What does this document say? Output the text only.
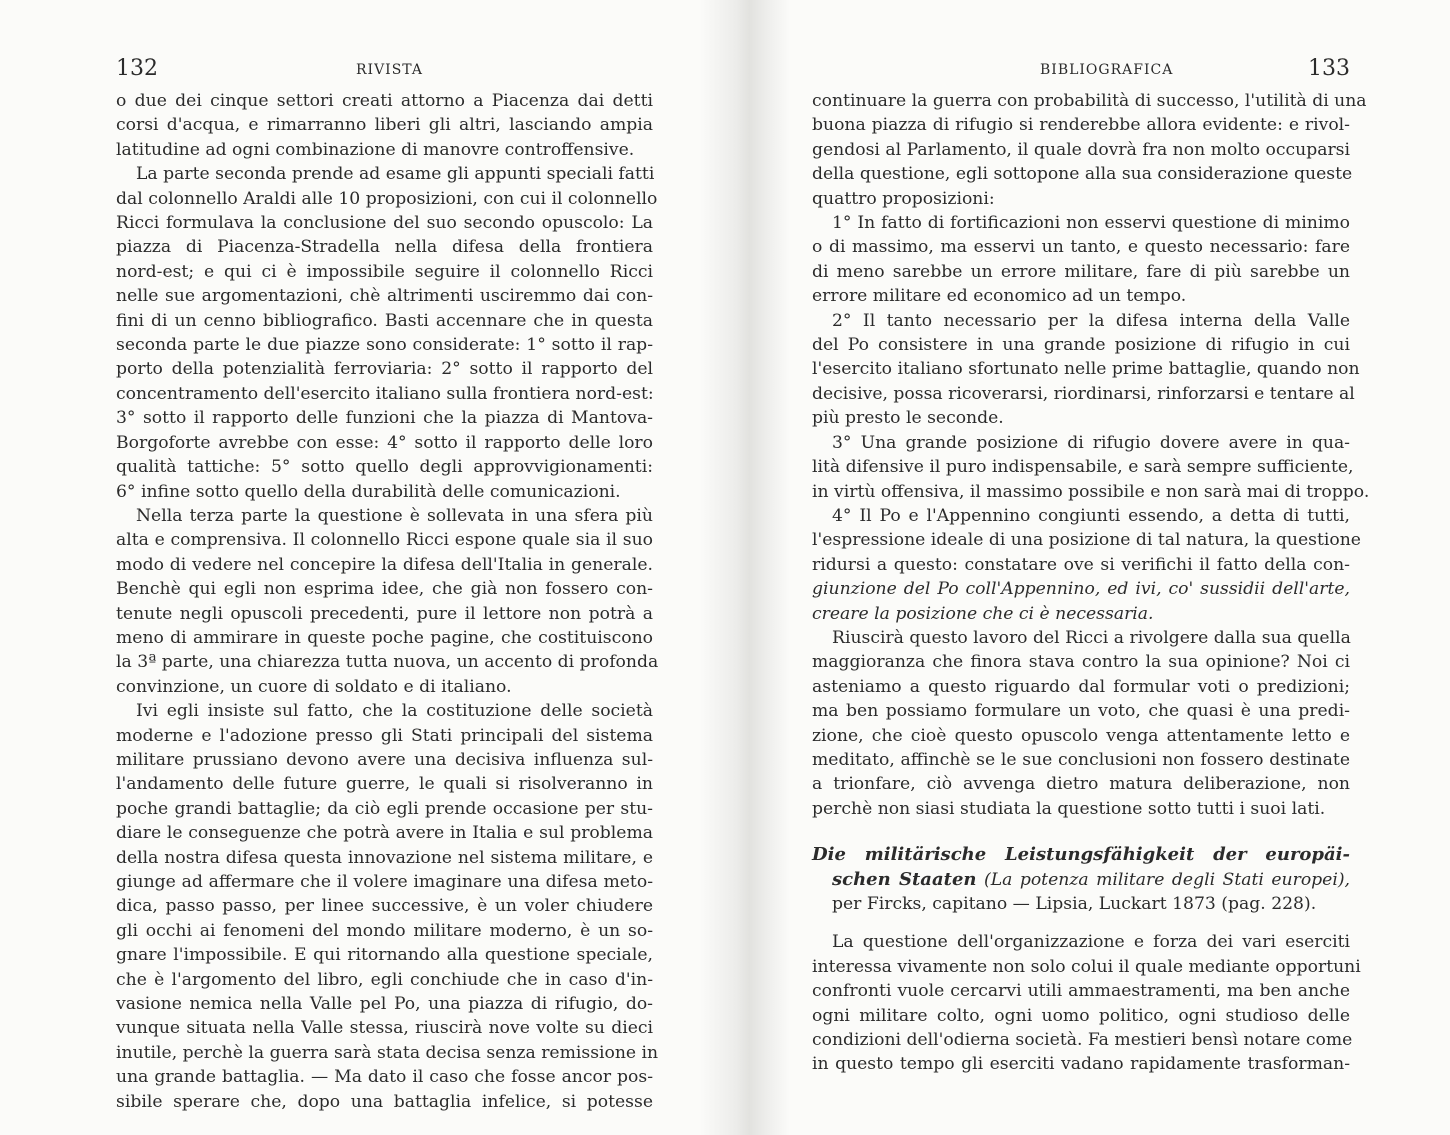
132	RIVISTA
o due dei cinque settori creati attorno a Piacenza dai detti
corsi d'acqua, e rimarranno liberi gli altri, lasciando ampia
latitudine ad ogni combinazione di manovre controffensive.
La parte seconda prende ad esame gli appunti speciali fatti
dal colonnello Araldi alle 10 proposizioni, con cui il colonnello
Ricci formulava la conclusione del suo secondo opuscolo: La
piazza di Piacenza-Stradella nella difesa della frontiera
nord-est; e qui ci è impossibile seguire il colonnello Ricci
nelle sue argomentazioni, chè altrimenti usciremmo dai con-
fini di un cenno bibliografico. Basti accennare che in questa
seconda parte le due piazze sono considerate: 1° sotto il rap-
porto della potenzialità ferroviaria: 2° sotto il rapporto del
concentramento dell'esercito italiano sulla frontiera nord-est:
3° sotto il rapporto delle funzioni che la piazza di Mantova-
Borgoforte avrebbe con esse: 4° sotto il rapporto delle loro
qualità tattiche: 5° sotto quello degli approvvigionamenti:
6° infine sotto quello della durabilità delle comunicazioni.
Nella terza parte la questione è sollevata in una sfera più
alta e comprensiva. Il colonnello Ricci espone quale sia il suo
modo di vedere nel concepire la difesa dell'Italia in generale.
Benchè qui egli non esprima idee, che già non fossero con-
tenute negli opuscoli precedenti, pure il lettore non potrà a
meno di ammirare in queste poche pagine, che costituiscono
la 3ª parte, una chiarezza tutta nuova, un accento di profonda
convinzione, un cuore di soldato e di italiano.
Ivi egli insiste sul fatto, che la costituzione delle società
moderne e l'adozione presso gli Stati principali del sistema
militare prussiano devono avere una decisiva influenza sul-
l'andamento delle future guerre, le quali si risolveranno in
poche grandi battaglie; da ciò egli prende occasione per stu-
diare le conseguenze che potrà avere in Italia e sul problema
della nostra difesa questa innovazione nel sistema militare, e
giunge ad affermare che il volere imaginare una difesa meto-
dica, passo passo, per linee successive, è un voler chiudere
gli occhi ai fenomeni del mondo militare moderno, è un so-
gnare l'impossibile. E qui ritornando alla questione speciale,
che è l'argomento del libro, egli conchiude che in caso d'in-
vasione nemica nella Valle pel Po, una piazza di rifugio, do-
vunque situata nella Valle stessa, riuscirà nove volte su dieci
inutile, perchè la guerra sarà stata decisa senza remissione in
una grande battaglia. — Ma dato il caso che fosse ancor pos-
sibile sperare che, dopo una battaglia infelice, si potesse
BIBLIOGRAFICA	133
continuare la guerra con probabilità di successo, l'utilità di una
buona piazza di rifugio si renderebbe allora evidente: e rivol-
gendosi al Parlamento, il quale dovrà fra non molto occuparsi
della questione, egli sottopone alla sua considerazione queste
quattro proposizioni:
1° In fatto di fortificazioni non esservi questione di minimo
o di massimo, ma esservi un tanto, e questo necessario: fare
di meno sarebbe un errore militare, fare di più sarebbe un
errore militare ed economico ad un tempo.
2° Il tanto necessario per la difesa interna della Valle
del Po consistere in una grande posizione di rifugio in cui
l'esercito italiano sfortunato nelle prime battaglie, quando non
decisive, possa ricoverarsi, riordinarsi, rinforzarsi e tentare al
più presto le seconde.
3° Una grande posizione di rifugio dovere avere in qua-
lità difensive il puro indispensabile, e sarà sempre sufficiente,
in virtù offensiva, il massimo possibile e non sarà mai di troppo.
4° Il Po e l'Appennino congiunti essendo, a detta di tutti,
l'espressione ideale di una posizione di tal natura, la questione
ridursi a questo: constatare ove si verifichi il fatto della con-
giunzione del Po coll'Appennino, ed ivi, co' sussidii dell'arte,
creare la posizione che ci è necessaria.
Riuscirà questo lavoro del Ricci a rivolgere dalla sua quella
maggioranza che finora stava contro la sua opinione? Noi ci
asteniamo a questo riguardo dal formular voti o predizioni;
ma ben possiamo formulare un voto, che quasi è una predi-
zione, che cioè questo opuscolo venga attentamente letto e
meditato, affinchè se le sue conclusioni non fossero destinate
a trionfare, ciò avvenga dietro matura deliberazione, non
perchè non siasi studiata la questione sotto tutti i suoi lati.
Die militärische Leistungsfähigkeit der europäi-
schen Staaten (La potenza militare degli Stati europei),
per Fircks, capitano — Lipsia, Luckart 1873 (pag. 228).
La questione dell'organizzazione e forza dei vari eserciti
interessa vivamente non solo colui il quale mediante opportuni
confronti vuole cercarvi utili ammaestramenti, ma ben anche
ogni militare colto, ogni uomo politico, ogni studioso delle
condizioni dell'odierna società. Fa mestieri bensì notare come
in questo tempo gli eserciti vadano rapidamente trasforman-
